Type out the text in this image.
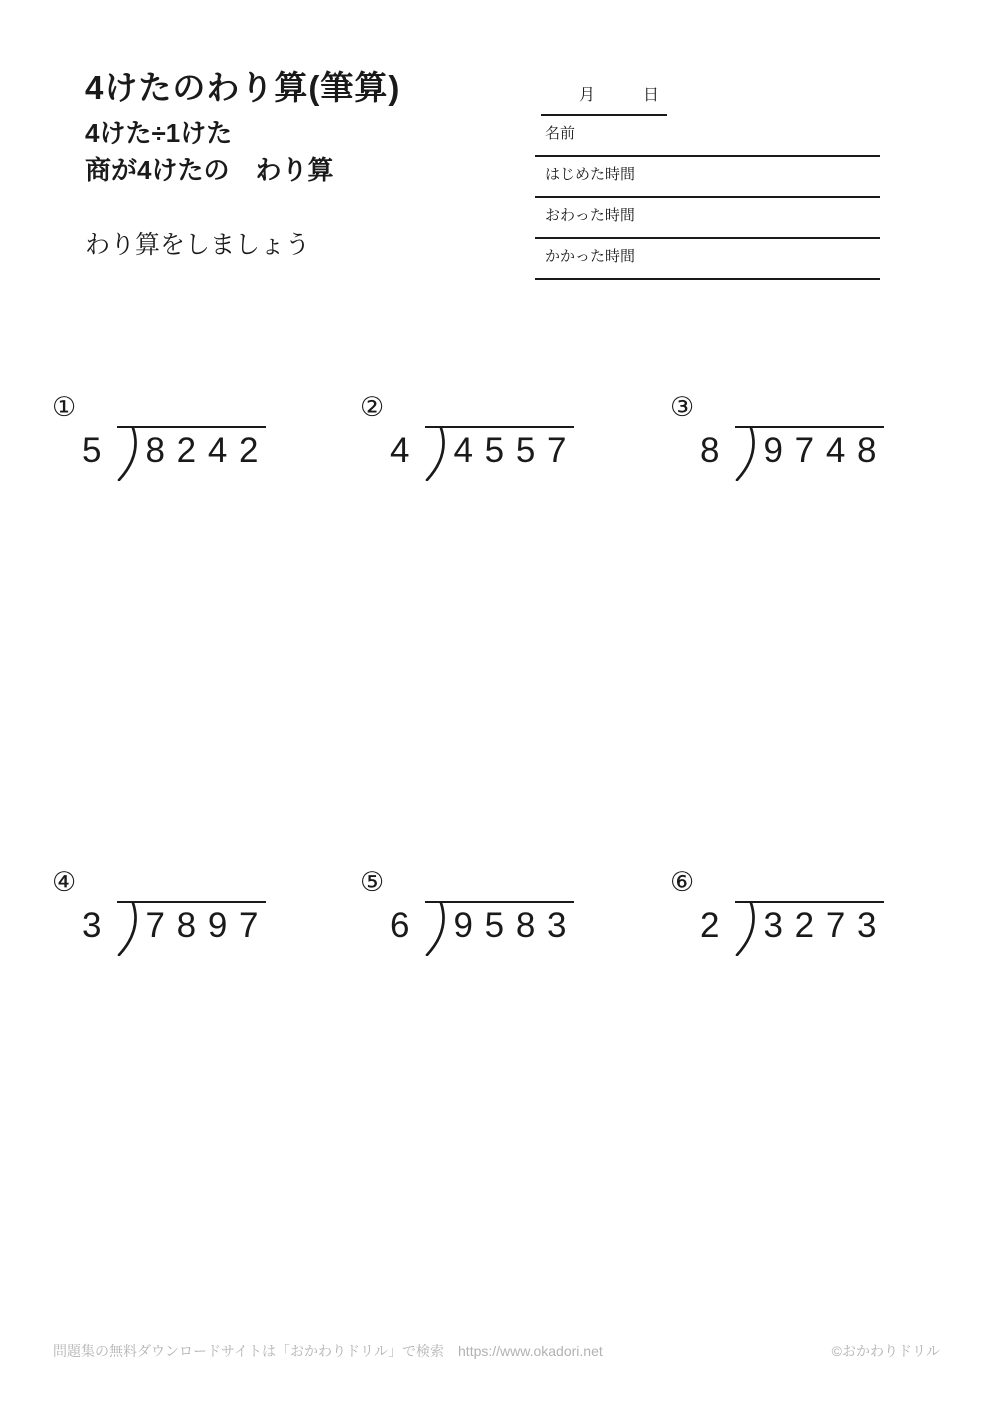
4けたのわり算(筆算)
4けた÷1けた
商が4けたの　わり算
わり算をしましょう
月	日
名前
はじめた時間
おわった時間
かかった時間
①
5 8 2 4 2
②
4 4 5 5 7
③
8 9 7 4 8
④
3 7 8 9 7
⑤
6 9 5 8 3
⑥
2 3 2 7 3
問題集の無料ダウンロードサイトは「おかわりドリル」で検索　https://www.okadori.net	©おかわりドリル
